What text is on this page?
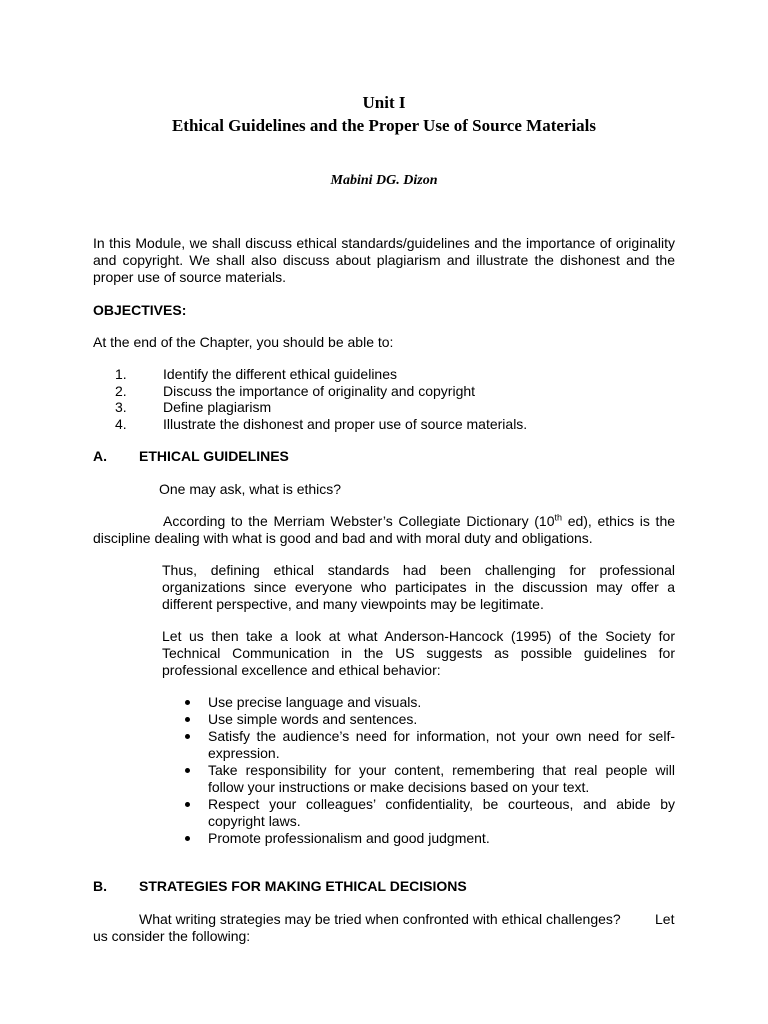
Unit I
Ethical Guidelines and the Proper Use of Source Materials
Mabini DG. Dizon
In this Module, we shall discuss ethical standards/guidelines and the importance of originality and copyright. We shall also discuss about plagiarism and illustrate the dishonest and the proper use of source materials.
OBJECTIVES:
At the end of the Chapter, you should be able to:
1.	Identify the different ethical guidelines
2.	Discuss the importance of originality and copyright
3.	Define plagiarism
4.	Illustrate the dishonest and proper use of source materials.
A. ETHICAL GUIDELINES
One may ask, what is ethics?
According to the Merriam Webster’s Collegiate Dictionary (10th ed), ethics is the discipline dealing with what is good and bad and with moral duty and obligations.
Thus, defining ethical standards had been challenging for professional organizations since everyone who participates in the discussion may offer a different perspective, and many viewpoints may be legitimate.
Let us then take a look at what Anderson-Hancock (1995) of the Society for Technical Communication in the US suggests as possible guidelines for professional excellence and ethical behavior:
Use precise language and visuals.
Use simple words and sentences.
Satisfy the audience’s need for information, not your own need for self-expression.
Take responsibility for your content, remembering that real people will follow your instructions or make decisions based on your text.
Respect your colleagues’ confidentiality, be courteous, and abide by copyright laws.
Promote professionalism and good judgment.
B. STRATEGIES FOR MAKING ETHICAL DECISIONS
What writing strategies may be tried when confronted with ethical challenges? Let
us consider the following:
